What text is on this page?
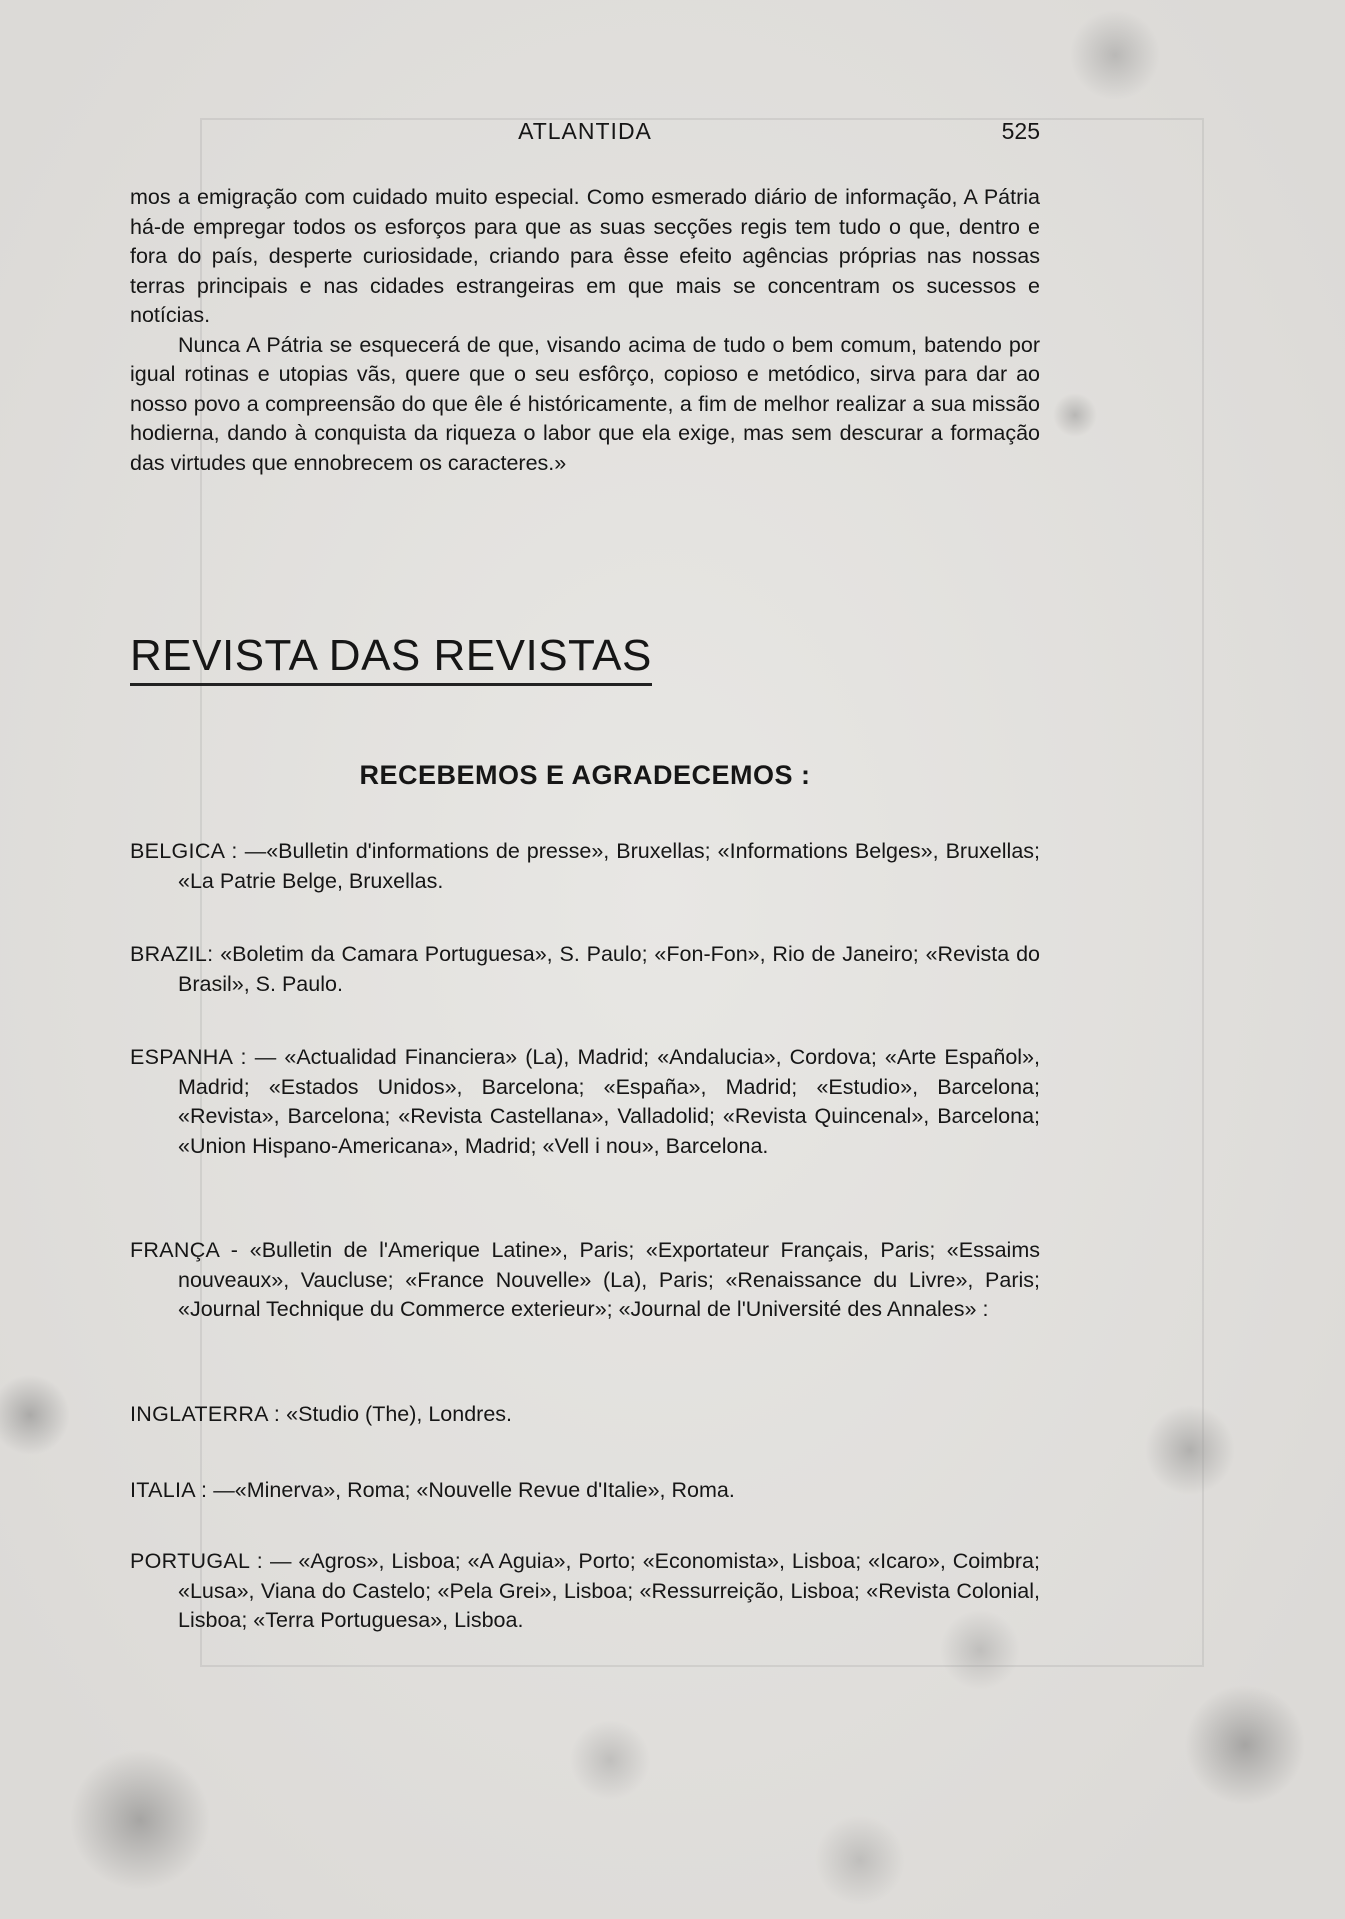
ATLANTIDA	525

mos a emigração com cuidado muito especial. Como esmerado diário de informação, A Pátria há-de empregar todos os esforços para que as suas secções regis tem tudo o que, dentro e fora do país, desperte curiosidade, criando para êsse efeito agências próprias nas nossas terras principais e nas cidades estrangeiras em que mais se concentram os sucessos e notícias.

Nunca A Pátria se esquecerá de que, visando acima de tudo o bem comum, batendo por igual rotinas e utopias vãs, quere que o seu esfôrço, copioso e metódico, sirva para dar ao nosso povo a compreensão do que êle é históricamente, a fim de melhor realizar a sua missão hodierna, dando à conquista da riqueza o labor que ela exige, mas sem descurar a formação das virtudes que ennobrecem os caracteres.»

REVISTA DAS REVISTAS
RECEBEMOS E AGRADECEMOS :

BELGICA : —«Bulletin d'informations de presse», Bruxellas; «Informations Belges», Bruxellas; «La Patrie Belge, Bruxellas.

BRAZIL: «Boletim da Camara Portuguesa», S. Paulo; «Fon-Fon», Rio de Janeiro; «Revista do Brasil», S. Paulo.

ESPANHA : — «Actualidad Financiera» (La), Madrid; «Andalucia», Cordova; «Arte Español», Madrid; «Estados Unidos», Barcelona; «España», Madrid; «Estudio», Barcelona; «Revista», Barcelona; «Revista Castellana», Valladolid; «Revista Quincenal», Barcelona; «Union Hispano-Americana», Madrid; «Vell i nou», Barcelona.

FRANÇA - «Bulletin de l'Amerique Latine», Paris; «Exportateur Français, Paris; «Essaims nouveaux», Vaucluse; «France Nouvelle» (La), Paris; «Renaissance du Livre», Paris; «Journal Technique du Commerce exterieur»; «Journal de l'Université des Annales» :

INGLATERRA : «Studio (The), Londres.

ITALIA : —«Minerva», Roma; «Nouvelle Revue d'Italie», Roma.

PORTUGAL : — «Agros», Lisboa; «A Aguia», Porto; «Economista», Lisboa; «Icaro», Coimbra; «Lusa», Viana do Castelo; «Pela Grei», Lisboa; «Ressurreição, Lisboa; «Revista Colonial, Lisboa; «Terra Portuguesa», Lisboa.
